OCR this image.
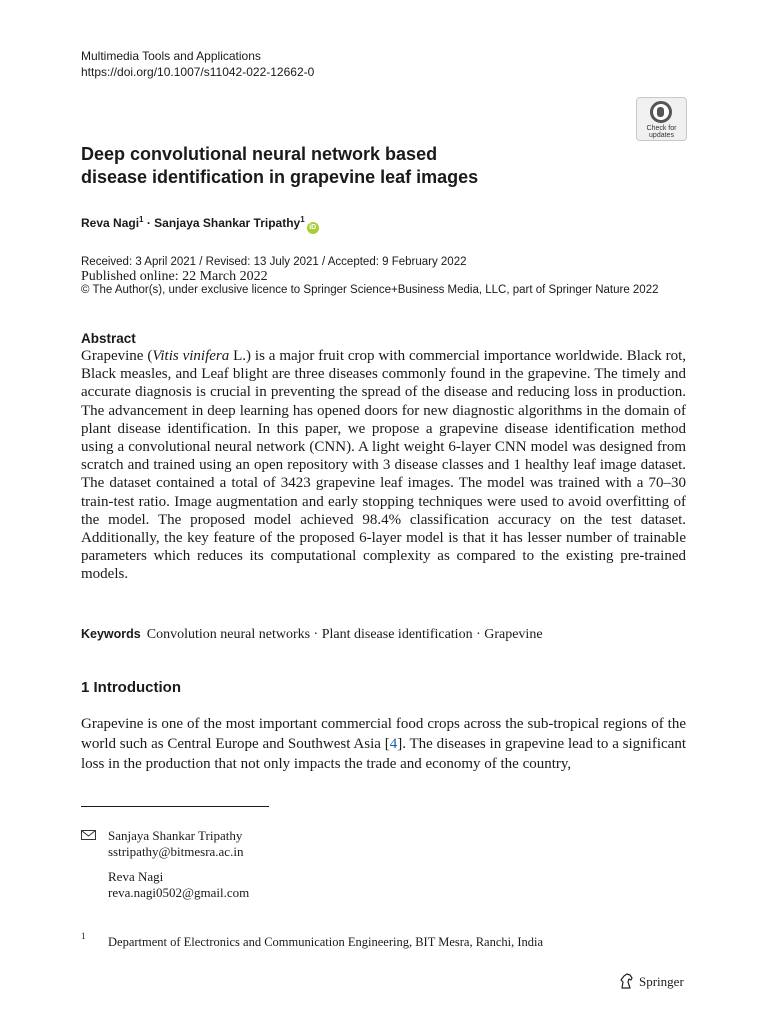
Multimedia Tools and Applications
https://doi.org/10.1007/s11042-022-12662-0
Check for
updates
Deep convolutional neural network based
disease identification in grapevine leaf images
Reva Nagi$^1$ · Sanjaya Shankar Tripathy$^1$iD
Received: 3 April 2021 / Revised: 13 July 2021 / Accepted: 9 February 2022
Published online: 22 March 2022
© The Author(s), under exclusive licence to Springer Science+Business Media, LLC, part of Springer Nature 2022
Abstract

Grapevine (Vitis vinifera L.) is a major fruit crop with commercial importance worldwide. Black rot, Black measles, and Leaf blight are three diseases commonly found in the grapevine. The timely and accurate diagnosis is crucial in preventing the spread of the disease and reducing loss in production. The advancement in deep learning has opened doors for new diagnostic algorithms in the domain of plant disease identification. In this paper, we propose a grapevine disease identification method using a convolutional neural network (CNN). A light weight 6-layer CNN model was designed from scratch and trained using an open repository with 3 disease classes and 1 healthy leaf image dataset. The dataset contained a total of 3423 grapevine leaf images. The model was trained with a 70–30 train-test ratio. Image augmentation and early stopping techniques were used to avoid overfitting of the model. The proposed model achieved 98.4% classification accuracy on the test dataset. Additionally, the key feature of the proposed 6-layer model is that it has lesser number of trainable parameters which reduces its computational complexity as compared to the existing pre-trained models.

Keywords Convolution neural networks · Plant disease identification · Grapevine
1 Introduction

Grapevine is one of the most important commercial food crops across the sub-tropical regions of the world such as Central Europe and Southwest Asia [4]. The diseases in grapevine lead to a significant loss in the production that not only impacts the trade and economy of the country,

Sanjaya Shankar Tripathy
sstripathy@bitmesra.ac.in
Reva Nagi
reva.nagi0502@gmail.com
1 Department of Electronics and Communication Engineering, BIT Mesra, Ranchi, India
Springer
